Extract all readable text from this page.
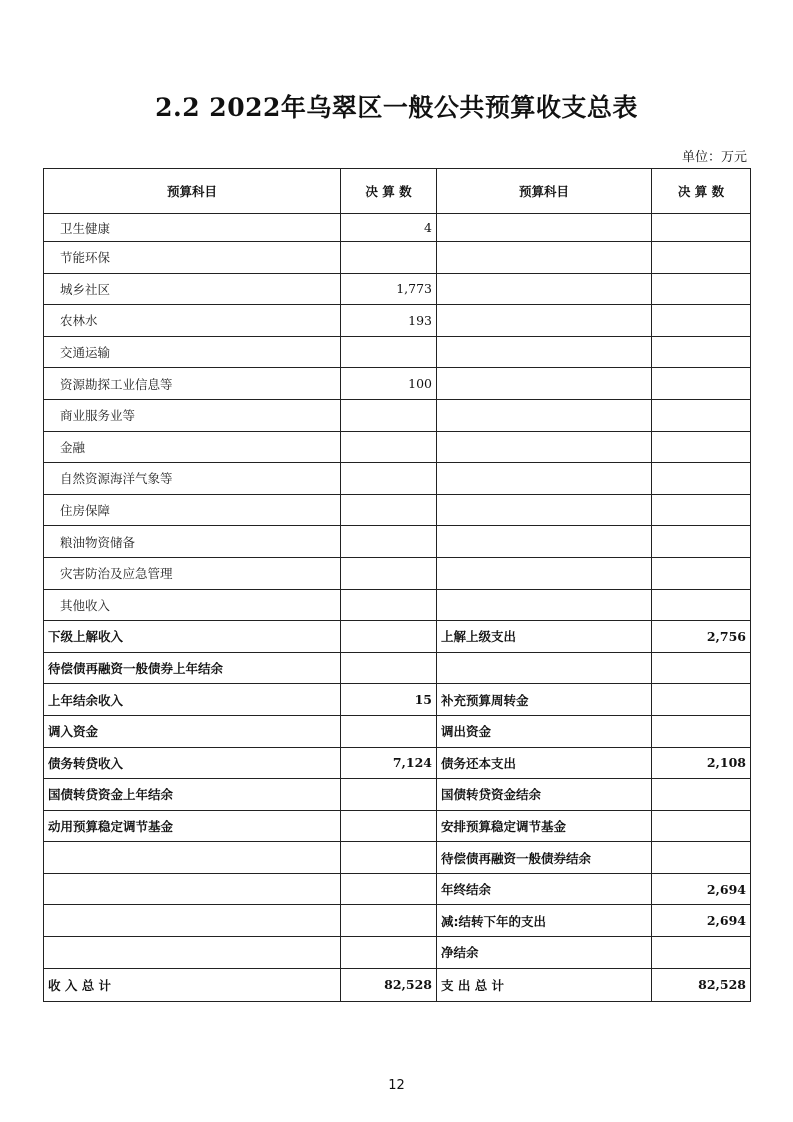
2.2 2022年乌翠区一般公共预算收支总表
单位：万元
预算科目	决 算 数	预算科目	决 算 数
卫生健康	4		
节能环保			
城乡社区	1,773		
农林水	193		
交通运输			
资源勘探工业信息等	100		
商业服务业等			
金融			
自然资源海洋气象等			
住房保障			
粮油物资储备			
灾害防治及应急管理			
其他收入			
下级上解收入		上解上级支出	2,756
待偿债再融资一般债券上年结余			
上年结余收入	15	补充预算周转金	
调入资金		调出资金	
债务转贷收入	7,124	债务还本支出	2,108
国债转贷资金上年结余		国债转贷资金结余	
动用预算稳定调节基金		安排预算稳定调节基金	
		待偿债再融资一般债券结余	
		年终结余	2,694
		减:结转下年的支出	2,694
		净结余	
收 入 总 计	82,528	支 出 总 计	82,528
12
